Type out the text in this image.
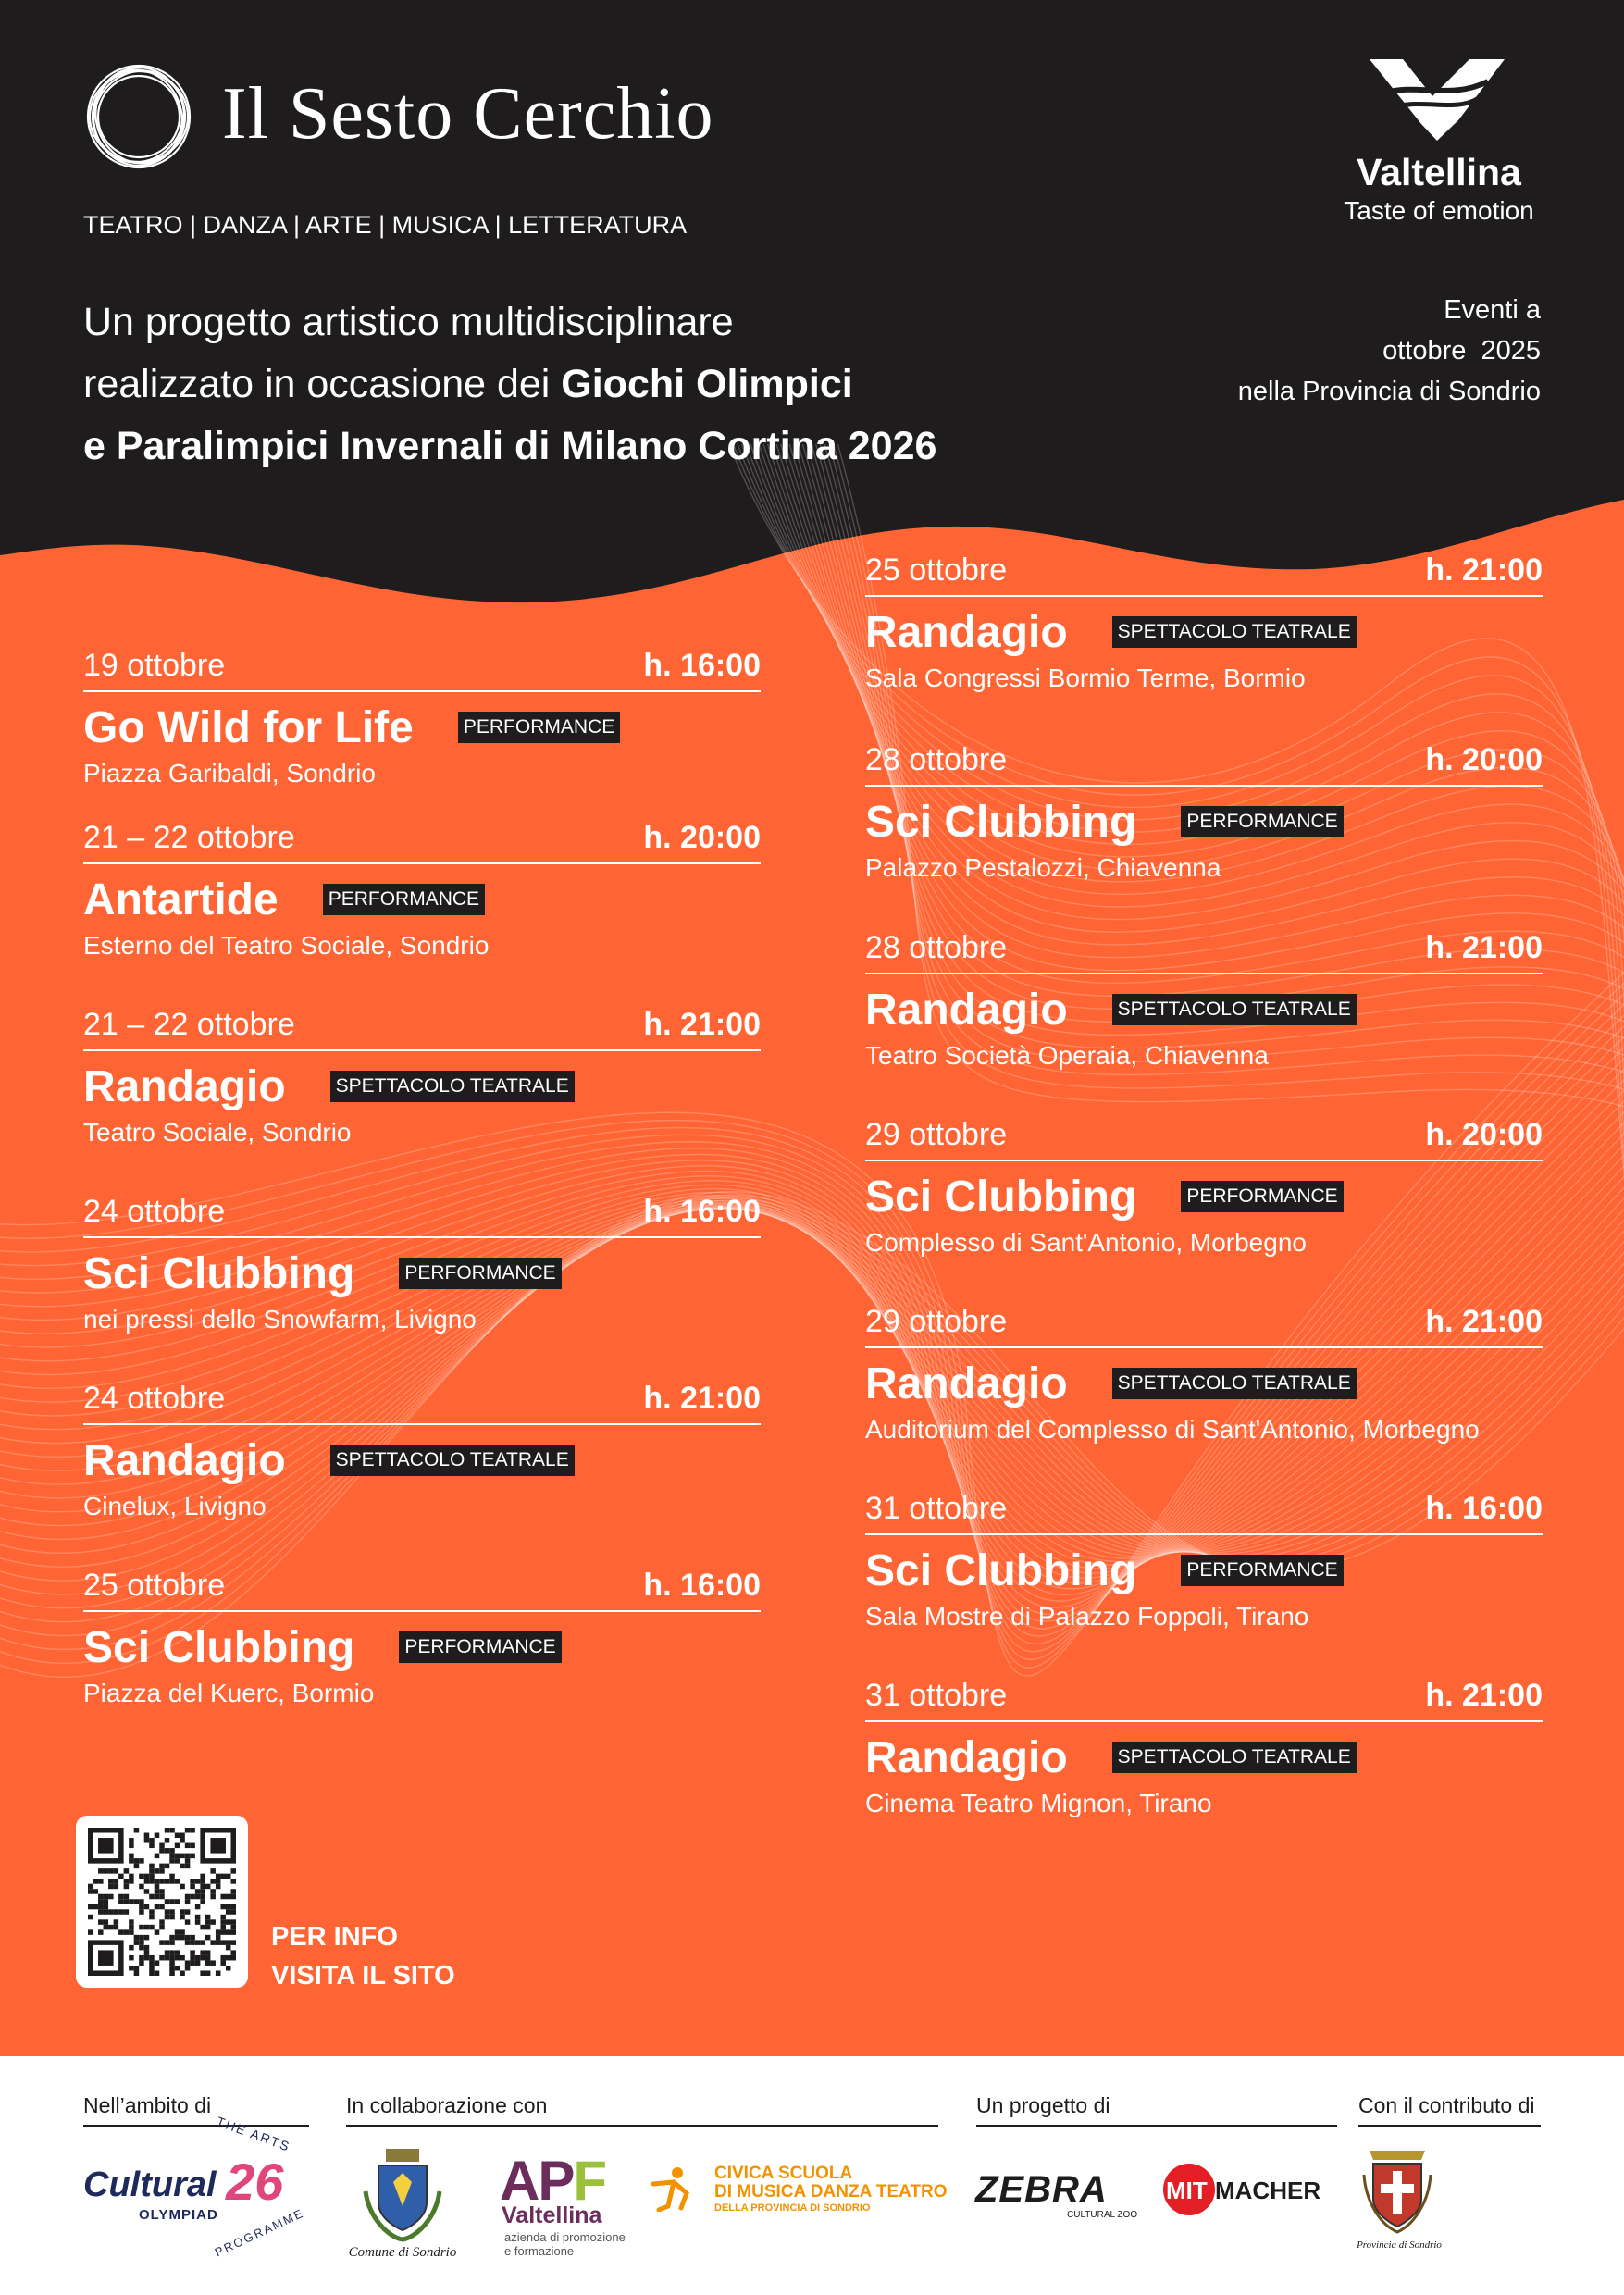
Il Sesto Cerchio
TEATRO | DANZA | ARTE | MUSICA | LETTERATURA
Un progetto artistico multidisciplinare
realizzato in occasione dei Giochi Olimpici
e Paralimpici Invernali di Milano Cortina 2026
Eventi a
ottobre  2025
nella Provincia di Sondrio
Valtellina
Taste of emotion
19 ottobre	h. 16:00
Go Wild for Life	PERFORMANCE
Piazza Garibaldi, Sondrio
21 – 22 ottobre	h. 20:00
Antartide	PERFORMANCE
Esterno del Teatro Sociale, Sondrio
21 – 22 ottobre	h. 21:00
Randagio	SPETTACOLO TEATRALE
Teatro Sociale, Sondrio
24 ottobre	h. 16:00
Sci Clubbing	PERFORMANCE
nei pressi dello Snowfarm, Livigno
24 ottobre	h. 21:00
Randagio	SPETTACOLO TEATRALE
Cinelux, Livigno
25 ottobre	h. 16:00
Sci Clubbing	PERFORMANCE
Piazza del Kuerc, Bormio
25 ottobre	h. 21:00
Randagio	SPETTACOLO TEATRALE
Sala Congressi Bormio Terme, Bormio
28 ottobre	h. 20:00
Sci Clubbing	PERFORMANCE
Palazzo Pestalozzi, Chiavenna
28 ottobre	h. 21:00
Randagio	SPETTACOLO TEATRALE
Teatro Società Operaia, Chiavenna
29 ottobre	h. 20:00
Sci Clubbing	PERFORMANCE
Complesso di Sant'Antonio, Morbegno
29 ottobre	h. 21:00
Randagio	SPETTACOLO TEATRALE
Auditorium del Complesso di Sant'Antonio, Morbegno
31 ottobre	h. 16:00
Sci Clubbing	PERFORMANCE
Sala Mostre di Palazzo Foppoli, Tirano
31 ottobre	h. 21:00
Randagio	SPETTACOLO TEATRALE
Cinema Teatro Mignon, Tirano
PER INFO
VISITA IL SITO
Nell’ambito di	In collaborazione con	Un progetto di	Con il contributo di
Cultural 26
OLYMPIAD
THE ARTS
PROGRAMME	Comune di Sondrio
APF
Valtellina
azienda di promozione
e formazione
CIVICA SCUOLA
DI MUSICA DANZA TEATRO
DELLA PROVINCIA DI SONDRIO	ZEBRA
CULTURAL ZOO
MIT MACHER
Provincia di Sondrio
